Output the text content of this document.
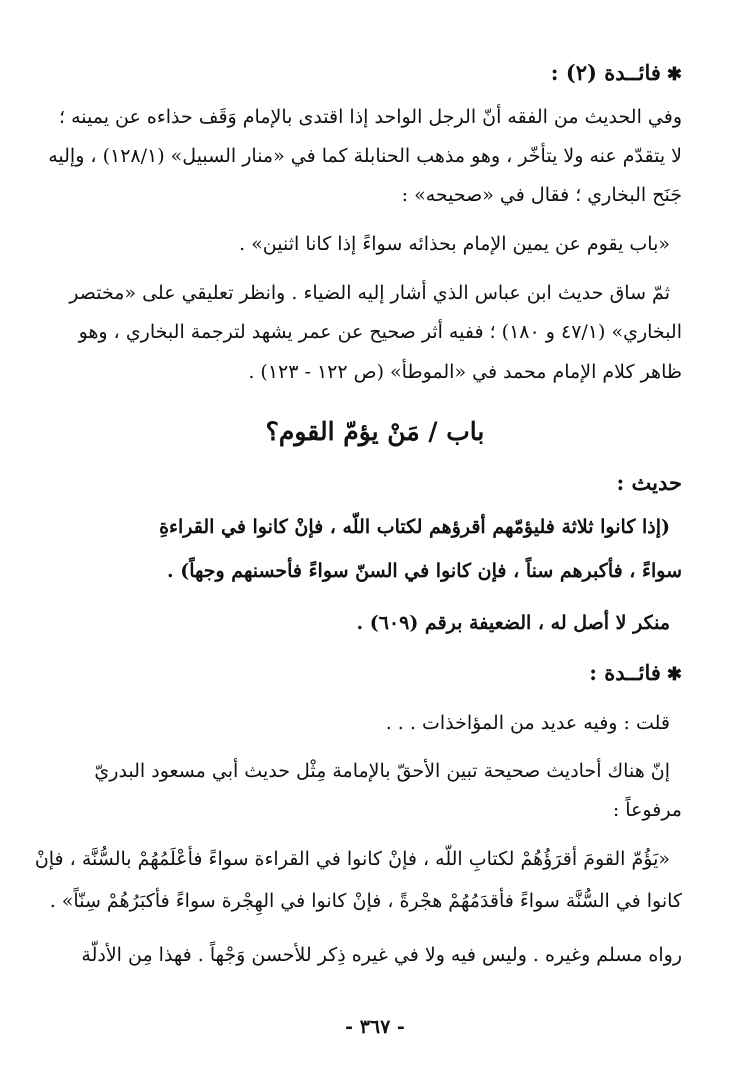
✱فائــدة (٢) :
وفي الحديث من الفقه أنّ الرجل الواحد إذا اقتدى بالإمام وَقَف حذاءه عن يمينه ؛
لا يتقدّم عنه ولا يتأخّر ، وهو مذهب الحنابلة كما في «منار السبيل» (١٢٨/١) ، وإليه
جَنَح البخاري ؛ فقال في «صحيحه» :
«باب يقوم عن يمين الإمام بحذائه سواءً إذا كانا اثنين» .
ثمّ ساق حديث ابن عباس الذي أشار إليه الضياء . وانظر تعليقي على «مختصر
البخاري» (٤٧/١ و ١٨٠) ؛ ففيه أثر صحيح عن عمر يشهد لترجمة البخاري ، وهو
ظاهر كلام الإمام محمد في «الموطأ» (ص ١٢٢ - ١٢٣) .
باب / مَنْ يؤمّ القوم؟
حديث :
(إذا كانوا ثلاثة فليؤمّهم أقرؤهم لكتاب اللّه ، فإنْ كانوا في القراءةِ
سواءً ، فأكبرهم سناً ، فإن كانوا في السنّ سواءً فأحسنهم وجهاً) .
منكر لا أصل له ، الضعيفة برقم (٦٠٩) .
✱فائــدة :
قلت : وفيه عديد من المؤاخذات . . .
إنّ هناك أحاديث صحيحة تبين الأحقّ بالإمامة مِثْل حديث أبي مسعود البدريّ
مرفوعاً :
«يَؤُمّ القومَ أقرَؤُهُمْ لكتابِ اللّه ، فإنْ كانوا في القراءة سواءً فأعْلَمُهُمْ بالسُّنَّة ، فإنْ
كانوا في السُّنَّة سواءً فأقدَمُهُمْ هجْرةً ، فإنْ كانوا في الهِجْرة سواءً فأكبَرُهُمْ سِنّاً» .
رواه مسلم وغيره . وليس فيه ولا في غيره ذِكر للأحسن وَجْهاً . فهذا مِن الأدلّة
- ٣٦٧ -
